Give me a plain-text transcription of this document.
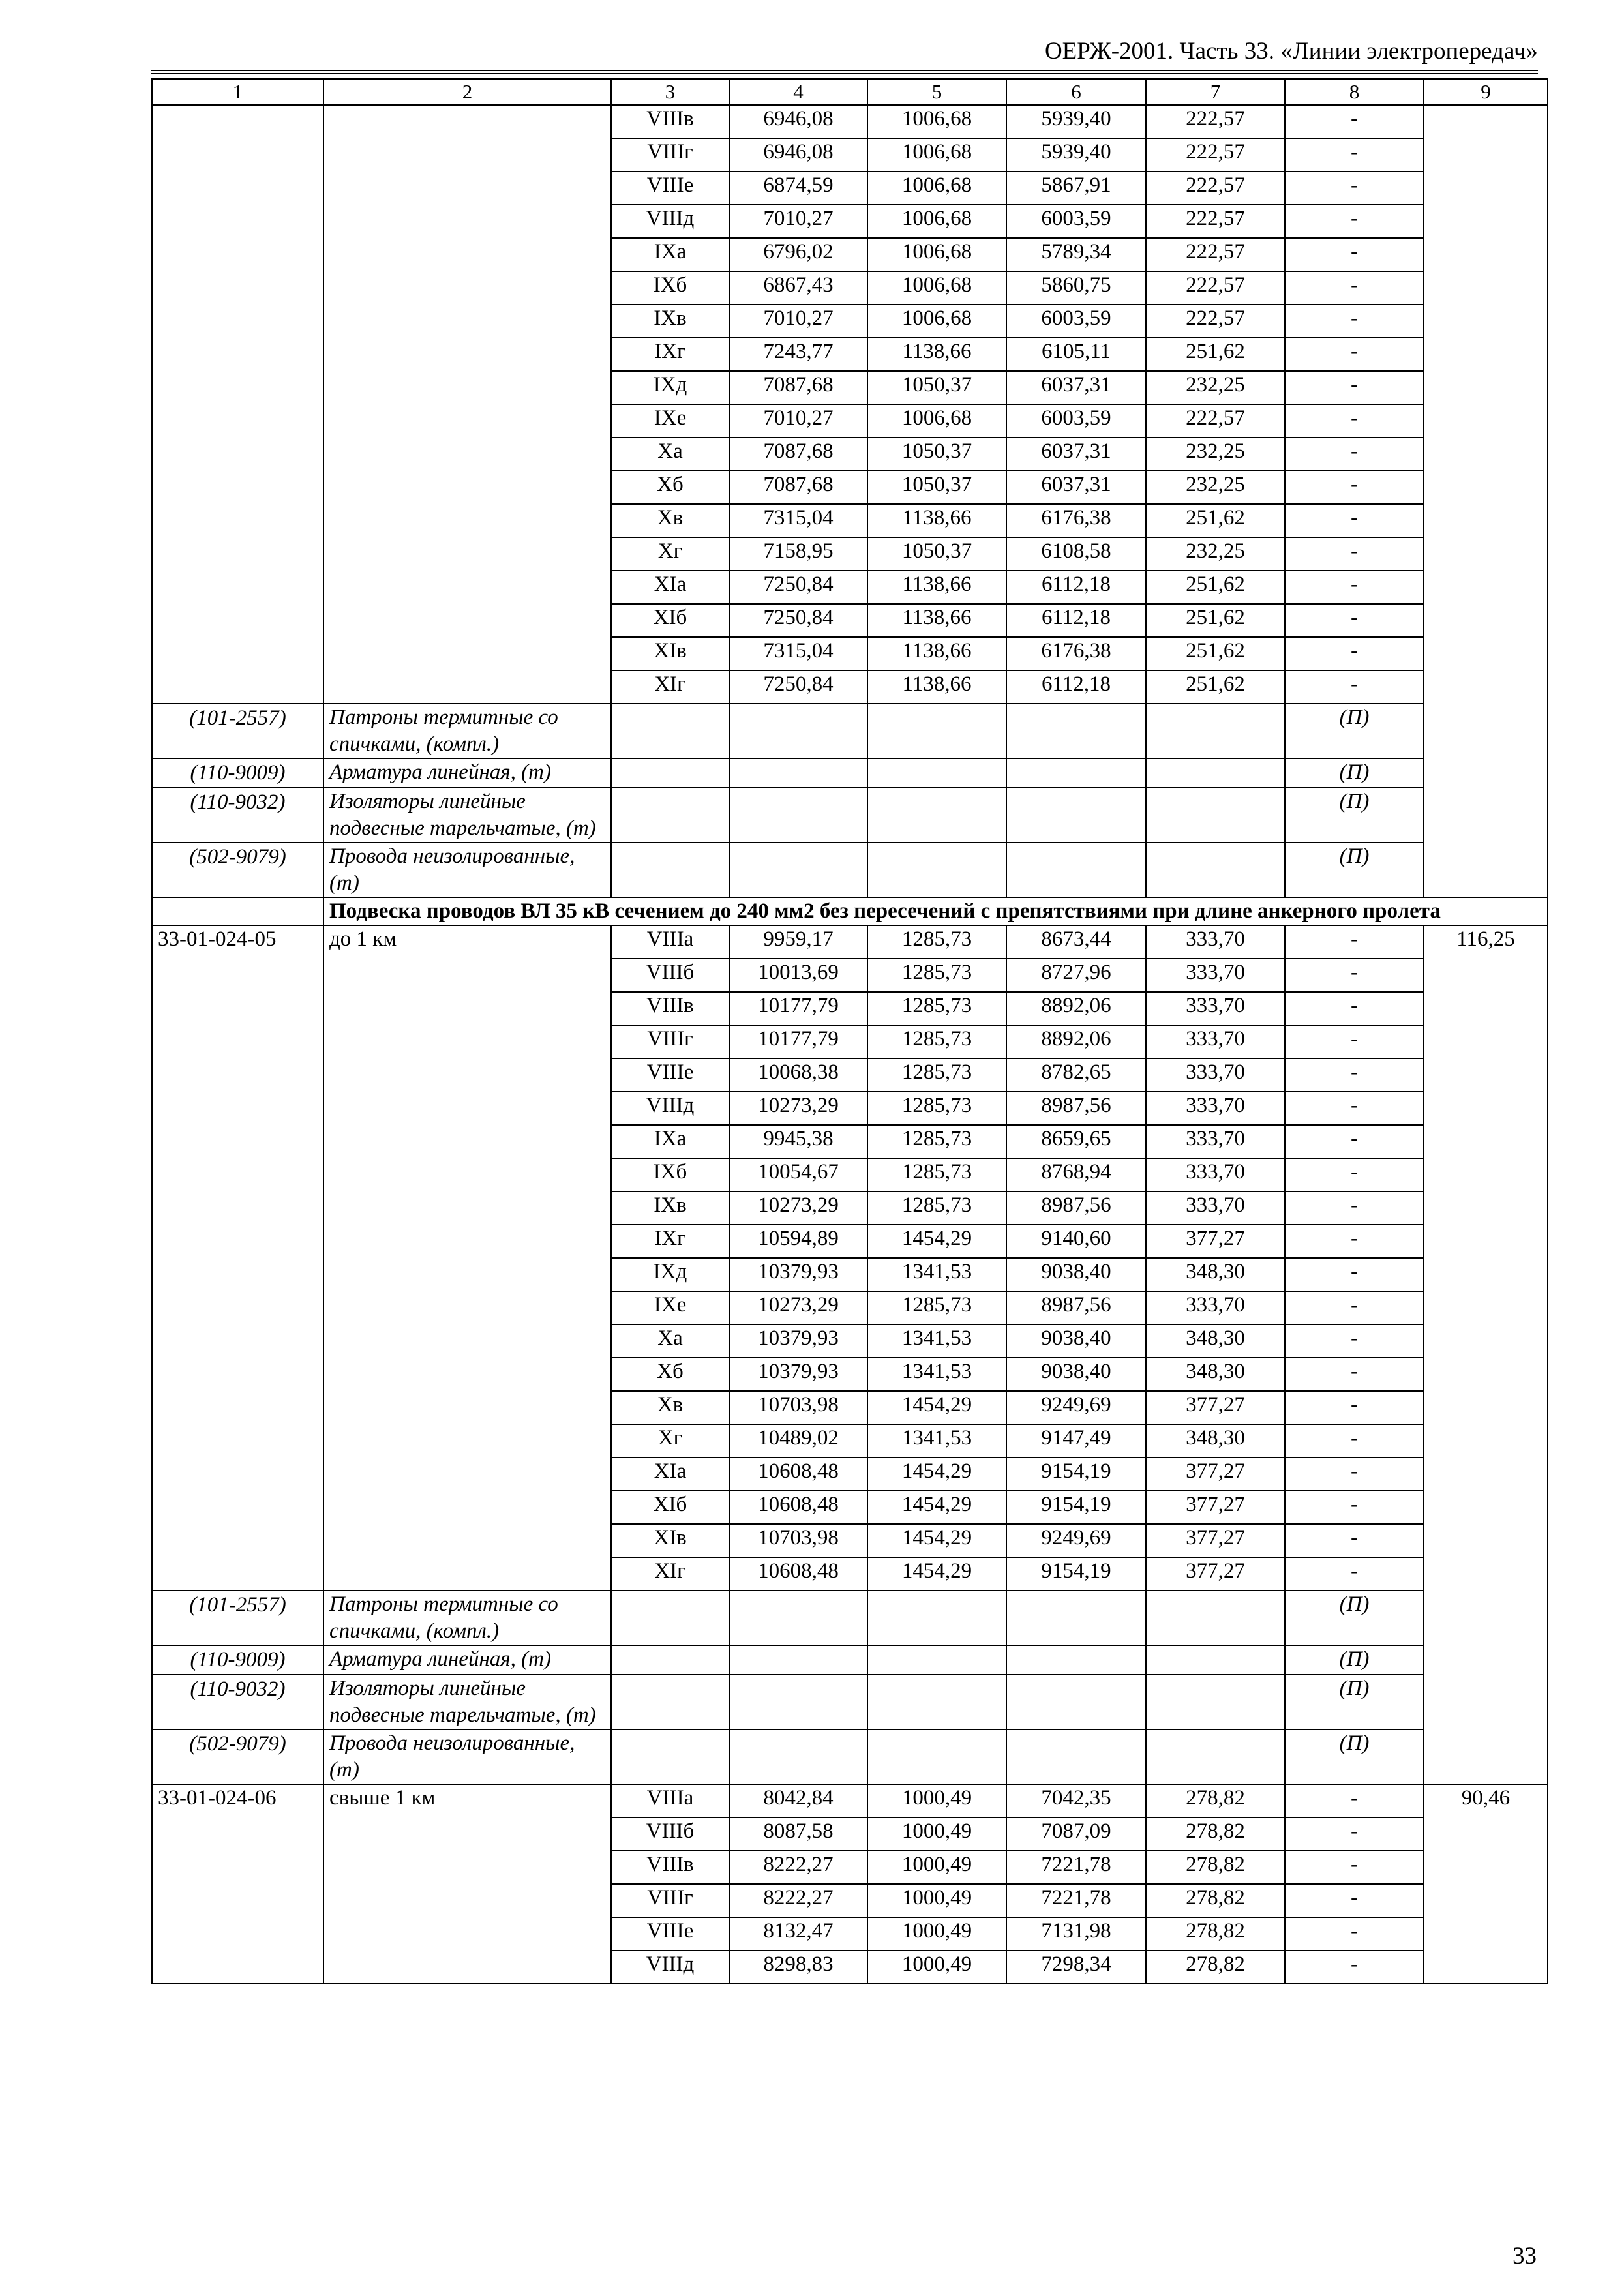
ОЕРЖ-2001. Часть 33. «Линии электропередач»
1	2	3	4	5	6	7	8	9
		VIIIв	6946,08	1006,68	5939,40	222,57	-	
		VIIIг	6946,08	1006,68	5939,40	222,57	-	
		VIIIе	6874,59	1006,68	5867,91	222,57	-	
		VIIIд	7010,27	1006,68	6003,59	222,57	-	
		IXа	6796,02	1006,68	5789,34	222,57	-	
		IXб	6867,43	1006,68	5860,75	222,57	-	
		IXв	7010,27	1006,68	6003,59	222,57	-	
		IXг	7243,77	1138,66	6105,11	251,62	-	
		IXд	7087,68	1050,37	6037,31	232,25	-	
		IXе	7010,27	1006,68	6003,59	222,57	-	
		Xа	7087,68	1050,37	6037,31	232,25	-	
		Xб	7087,68	1050,37	6037,31	232,25	-	
		Xв	7315,04	1138,66	6176,38	251,62	-	
		Xг	7158,95	1050,37	6108,58	232,25	-	
		XIа	7250,84	1138,66	6112,18	251,62	-	
		XIб	7250,84	1138,66	6112,18	251,62	-	
		XIв	7315,04	1138,66	6176,38	251,62	-	
		XIг	7250,84	1138,66	6112,18	251,62	-	
(101-2557)	Патроны термитные со спичками, (компл.)						(П)	
(110-9009)	Арматура линейная, (т)						(П)	
(110-9032)	Изоляторы линейные подвесные тарельчатые, (т)						(П)	
(502-9079)	Провода неизолированные, (т)						(П)	
	Подвеска проводов ВЛ 35 кВ сечением до 240 мм2 без пересечений с препятствиями при длине анкерного пролета							
33-01-024-05	до 1 км	VIIIа	9959,17	1285,73	8673,44	333,70	-	116,25
		VIIIб	10013,69	1285,73	8727,96	333,70	-	
		VIIIв	10177,79	1285,73	8892,06	333,70	-	
		VIIIг	10177,79	1285,73	8892,06	333,70	-	
		VIIIе	10068,38	1285,73	8782,65	333,70	-	
		VIIIд	10273,29	1285,73	8987,56	333,70	-	
		IXа	9945,38	1285,73	8659,65	333,70	-	
		IXб	10054,67	1285,73	8768,94	333,70	-	
		IXв	10273,29	1285,73	8987,56	333,70	-	
		IXг	10594,89	1454,29	9140,60	377,27	-	
		IXд	10379,93	1341,53	9038,40	348,30	-	
		IXе	10273,29	1285,73	8987,56	333,70	-	
		Xа	10379,93	1341,53	9038,40	348,30	-	
		Xб	10379,93	1341,53	9038,40	348,30	-	
		Xв	10703,98	1454,29	9249,69	377,27	-	
		Xг	10489,02	1341,53	9147,49	348,30	-	
		XIа	10608,48	1454,29	9154,19	377,27	-	
		XIб	10608,48	1454,29	9154,19	377,27	-	
		XIв	10703,98	1454,29	9249,69	377,27	-	
		XIг	10608,48	1454,29	9154,19	377,27	-	
(101-2557)	Патроны термитные со спичками, (компл.)						(П)	
(110-9009)	Арматура линейная, (т)						(П)	
(110-9032)	Изоляторы линейные подвесные тарельчатые, (т)						(П)	
(502-9079)	Провода неизолированные, (т)						(П)	
33-01-024-06	свыше 1 км	VIIIа	8042,84	1000,49	7042,35	278,82	-	90,46
		VIIIб	8087,58	1000,49	7087,09	278,82	-	
		VIIIв	8222,27	1000,49	7221,78	278,82	-	
		VIIIг	8222,27	1000,49	7221,78	278,82	-	
		VIIIе	8132,47	1000,49	7131,98	278,82	-	
		VIIIд	8298,83	1000,49	7298,34	278,82	-	
33
